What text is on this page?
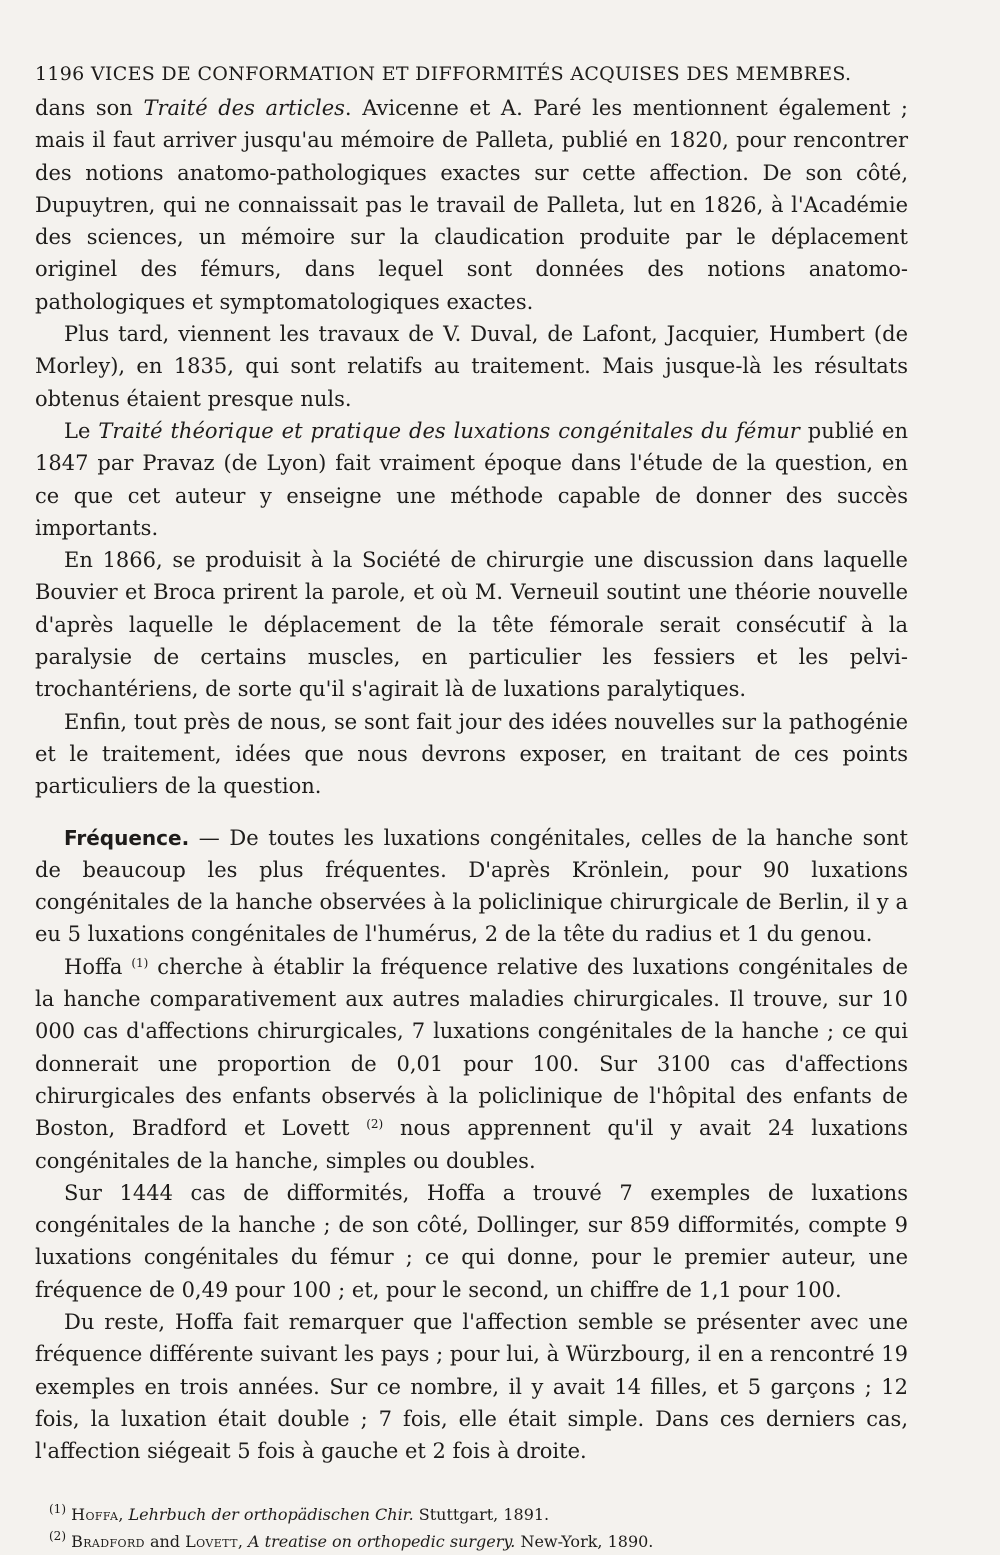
1196 VICES DE CONFORMATION ET DIFFORMITÉS ACQUISES DES MEMBRES.

dans son Traité des articles. Avicenne et A. Paré les mentionnent également ; mais il faut arriver jusqu'au mémoire de Palleta, publié en 1820, pour rencontrer des notions anatomo-pathologiques exactes sur cette affection. De son côté, Dupuytren, qui ne connaissait pas le travail de Palleta, lut en 1826, à l'Académie des sciences, un mémoire sur la claudication produite par le déplacement originel des fémurs, dans lequel sont données des notions anatomo-pathologiques et symptomatologiques exactes.

Plus tard, viennent les travaux de V. Duval, de Lafont, Jacquier, Humbert (de Morley), en 1835, qui sont relatifs au traitement. Mais jusque-là les résultats obtenus étaient presque nuls.

Le Traité théorique et pratique des luxations congénitales du fémur publié en 1847 par Pravaz (de Lyon) fait vraiment époque dans l'étude de la question, en ce que cet auteur y enseigne une méthode capable de donner des succès importants.

En 1866, se produisit à la Société de chirurgie une discussion dans laquelle Bouvier et Broca prirent la parole, et où M. Verneuil soutint une théorie nouvelle d'après laquelle le déplacement de la tête fémorale serait consécutif à la paralysie de certains muscles, en particulier les fessiers et les pelvi-trochantériens, de sorte qu'il s'agirait là de luxations paralytiques.

Enfin, tout près de nous, se sont fait jour des idées nouvelles sur la pathogénie et le traitement, idées que nous devrons exposer, en traitant de ces points particuliers de la question.

Fréquence. — De toutes les luxations congénitales, celles de la hanche sont de beaucoup les plus fréquentes. D'après Krönlein, pour 90 luxations congénitales de la hanche observées à la policlinique chirurgicale de Berlin, il y a eu 5 luxations congénitales de l'humérus, 2 de la tête du radius et 1 du genou.

Hoffa $^{(1)}$ cherche à établir la fréquence relative des luxations congénitales de la hanche comparativement aux autres maladies chirurgicales. Il trouve, sur 10 000 cas d'affections chirurgicales, 7 luxations congénitales de la hanche ; ce qui donnerait une proportion de 0,01 pour 100. Sur 3100 cas d'affections chirurgicales des enfants observés à la policlinique de l'hôpital des enfants de Boston, Bradford et Lovett $^{(2)}$ nous apprennent qu'il y avait 24 luxations congénitales de la hanche, simples ou doubles.

Sur 1444 cas de difformités, Hoffa a trouvé 7 exemples de luxations congénitales de la hanche ; de son côté, Dollinger, sur 859 difformités, compte 9 luxations congénitales du fémur ; ce qui donne, pour le premier auteur, une fréquence de 0,49 pour 100 ; et, pour le second, un chiffre de 1,1 pour 100.

Du reste, Hoffa fait remarquer que l'affection semble se présenter avec une fréquence différente suivant les pays ; pour lui, à Würzbourg, il en a rencontré 19 exemples en trois années. Sur ce nombre, il y avait 14 filles, et 5 garçons ; 12 fois, la luxation était double ; 7 fois, elle était simple. Dans ces derniers cas, l'affection siégeait 5 fois à gauche et 2 fois à droite.

$^{(1)}$ Hoffa, Lehrbuch der orthopädischen Chir. Stuttgart, 1891.

$^{(2)}$ Bradford and Lovett, A treatise on orthopedic surgery. New-York, 1890.
